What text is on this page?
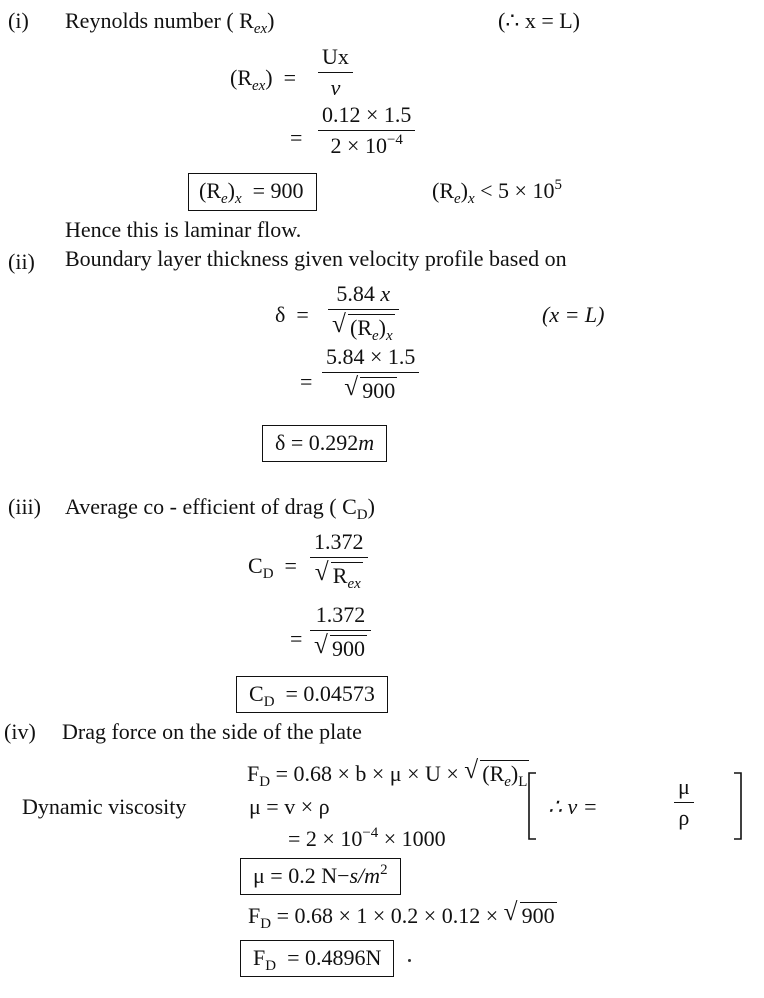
(i) Reynolds number ( $R_{ex}$)	(∴ x = L)
$(R_{ex}) = \frac{Ux}{v}$
= $\frac{0.12 \times 1.5}{2 \times 10^{-4}}$
$(R_e)_x = 900$	$(R_e)_x < 5 \times 10^5$
Hence this is laminar flow.
(ii) Boundary layer thickness given velocity profile based on
$\delta = \frac{5.84 x}{√ (R_e)_x}$	(x = L)
= $\frac{5.84 \times 1.5}{√ 900}$
δ = 0.292m
(iii) Average co - efficient of drag ( $C_D$)
$C_D = \frac{1.372}{√ R_{ex}}$
= $\frac{1.372}{√ 900}$
$C_D = 0.04573$
(iv) Drag force on the side of the plate
$F_D = 0.68 \times b \times \mu \times U$ × √ $(R_e)_L$
Dynamic viscosity	μ = v × ρ	∴ v =	$\frac{\mu}{\rho}$
= $2 \times 10^{-4} \times 1000$
μ = 0.2 $N-s/m^2$
$F_D = 0.68 \times 1 \times 0.2 \times 0.12$ × √ 900
$F_D = 0.4896N$
